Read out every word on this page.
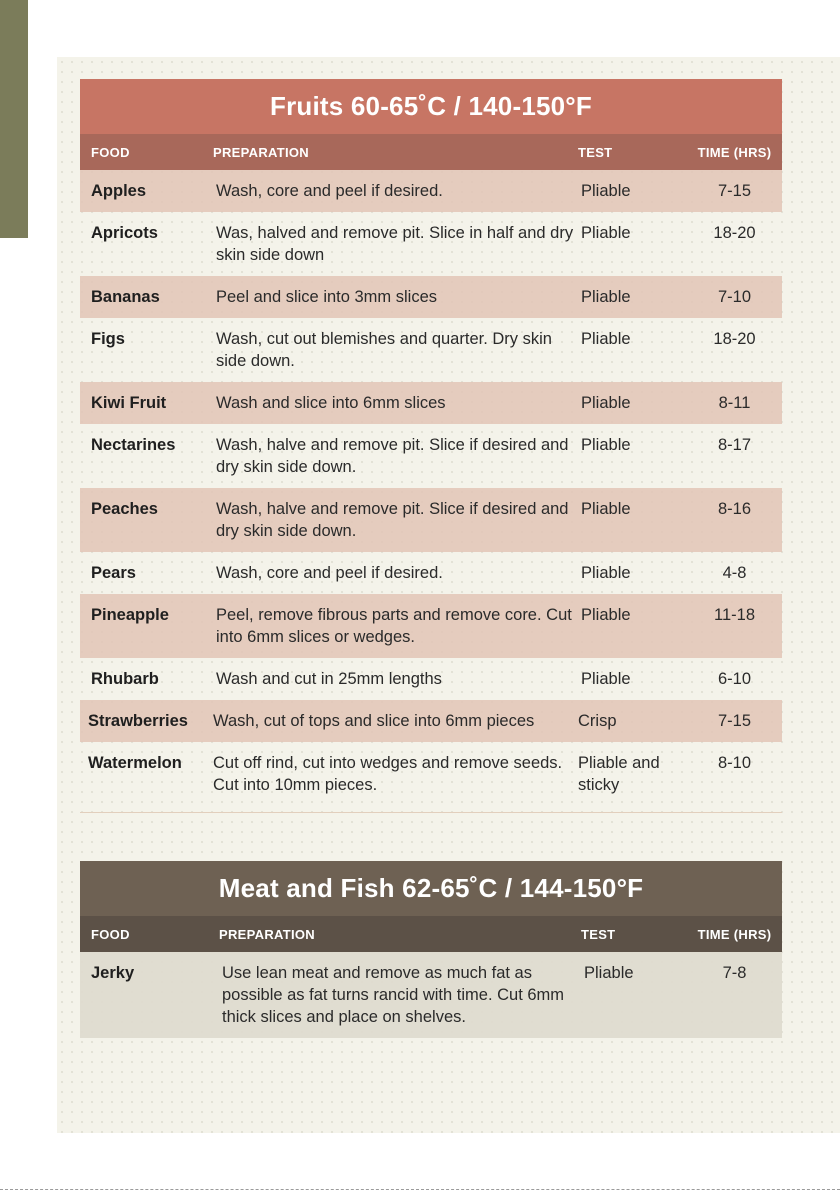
Fruits 60-65˚C / 140-150°F			
FOOD	PREPARATION	TEST	TIME (HRS)
Apples	Wash, core and peel if desired.	Pliable	7-15
Apricots	Was, halved and remove pit. Slice in half and dry skin side down	Pliable	18-20
Bananas	Peel and slice into 3mm slices	Pliable	7-10
Figs	Wash, cut out blemishes and quarter. Dry skin side down.	Pliable	18-20
Kiwi Fruit	Wash and slice into 6mm slices	Pliable	8-11
Nectarines	Wash, halve and remove pit. Slice if desired and dry skin side down.	Pliable	8-17
Peaches	Wash, halve and remove pit. Slice if desired and dry skin side down.	Pliable	8-16
Pears	Wash, core and peel if desired.	Pliable	4-8
Pineapple	Peel, remove fibrous parts and remove core. Cut into 6mm slices or wedges.	Pliable	11-18
Rhubarb	Wash and cut in 25mm lengths	Pliable	6-10
Strawberries	Wash, cut of tops and slice into 6mm pieces	Crisp	7-15
Watermelon	Cut off rind, cut into wedges and remove seeds. Cut into 10mm pieces.	Pliable and sticky	8-10
Meat and Fish 62-65˚C / 144-150°F			
FOOD	PREPARATION	TEST	TIME (HRS)
Jerky	Use lean meat and remove as much fat as possible as fat turns rancid with time. Cut 6mm thick slices and place on shelves.	Pliable	7-8
